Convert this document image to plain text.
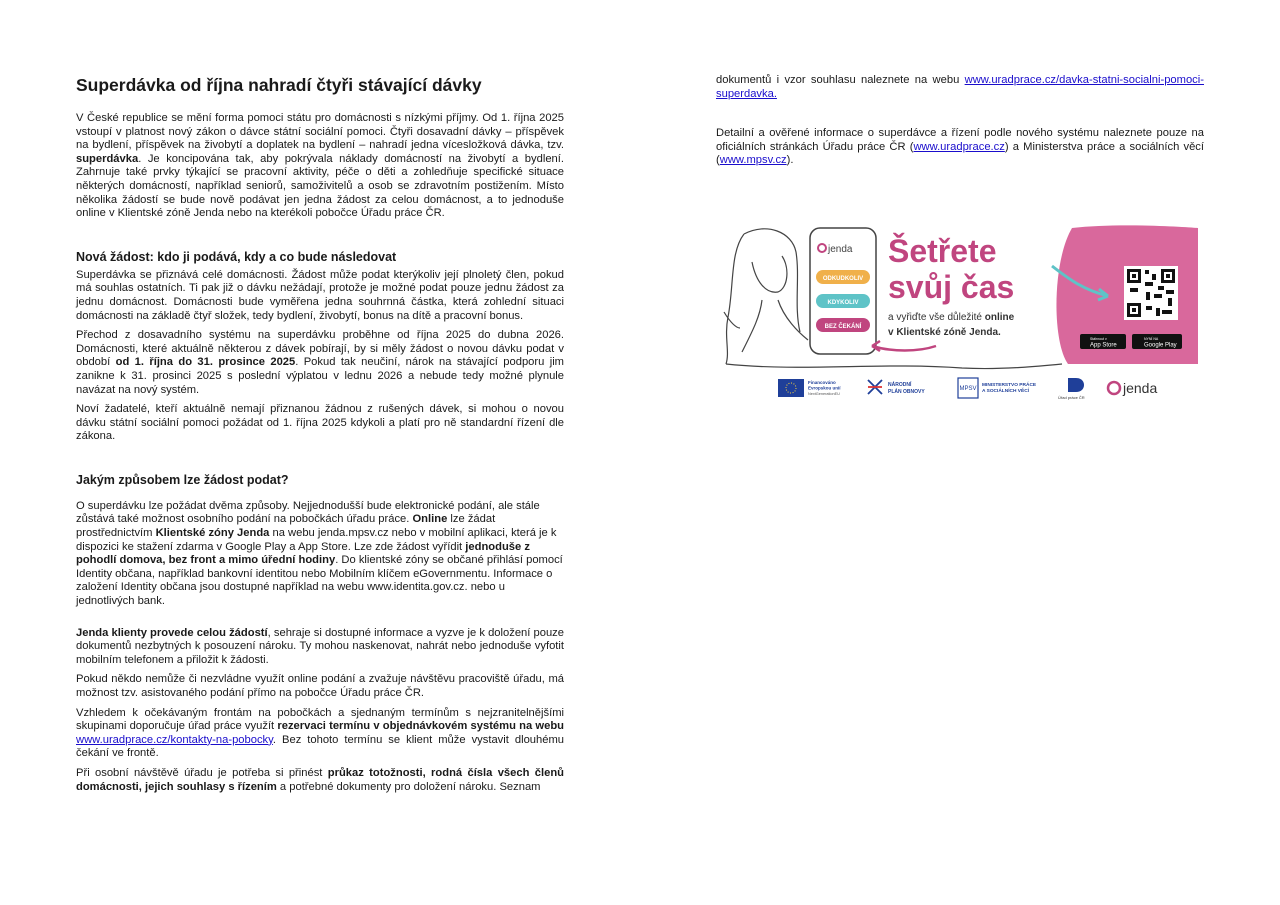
Superdávka od října nahradí čtyři stávající dávky

V České republice se mění forma pomoci státu pro domácnosti s nízkými příjmy. Od 1. října 2025 vstoupí v platnost nový zákon o dávce státní sociální pomoci. Čtyři dosavadní dávky – příspěvek na bydlení, příspěvek na živobytí a doplatek na bydlení – nahradí jedna vícesložková dávka, tzv. superdávka. Je koncipována tak, aby pokrývala náklady domácností na živobytí a bydlení. Zahrnuje také prvky týkající se pracovní aktivity, péče o děti a zohledňuje specifické situace některých domácností, například seniorů, samoživitelů a osob se zdravotním postižením. Místo několika žádostí se bude nově podávat jen jedna žádost za celou domácnost, a to jednoduše online v Klientské zóně Jenda nebo na kterékoli pobočce Úřadu práce ČR.

Nová žádost: kdo ji podává, kdy a co bude následovat

Superdávka se přiznává celé domácnosti. Žádost může podat kterýkoliv její plnoletý člen, pokud má souhlas ostatních. Ti pak již o dávku nežádají, protože je možné podat pouze jednu žádost za jednu domácnost. Domácnosti bude vyměřena jedna souhrnná částka, která zohlední situaci domácnosti na základě čtyř složek, tedy bydlení, živobytí, bonus na dítě a pracovní bonus.

Přechod z dosavadního systému na superdávku proběhne od října 2025 do dubna 2026. Domácnosti, které aktuálně některou z dávek pobírají, by si měly žádost o novou dávku podat v období od 1. října do 31. prosince 2025. Pokud tak neučiní, nárok na stávající podporu jim zanikne k 31. prosinci 2025 s poslední výplatou v lednu 2026 a nebude tedy možné plynule navázat na nový systém.

Noví žadatelé, kteří aktuálně nemají přiznanou žádnou z rušených dávek, si mohou o novou dávku státní sociální pomoci požádat od 1. října 2025 kdykoli a platí pro ně standardní řízení dle zákona.

Jakým způsobem lze žádost podat?

O superdávku lze požádat dvěma způsoby. Nejjednodušší bude elektronické podání, ale stále zůstává také možnost osobního podání na pobočkách úřadu práce. Online lze žádat prostřednictvím Klientské zóny Jenda na webu jenda.mpsv.cz nebo v mobilní aplikaci, která je k dispozici ke stažení zdarma v Google Play a App Store. Lze zde žádost vyřídit jednoduše z pohodlí domova, bez front a mimo úřední hodiny. Do klientské zóny se občané přihlásí pomocí Identity občana, například bankovní identitou nebo Mobilním klíčem eGovernmentu. Informace o založení Identity občana jsou dostupné například na webu www.identita.gov.cz. nebo u jednotlivých bank.

Jenda klienty provede celou žádostí, sehraje si dostupné informace a vyzve je k doložení pouze dokumentů nezbytných k posouzení nároku. Ty mohou naskenovat, nahrát nebo jednoduše vyfotit mobilním telefonem a přiložit k žádosti.

Pokud někdo nemůže či nezvládne využít online podání a zvažuje návštěvu pracoviště úřadu, má možnost tzv. asistovaného podání přímo na pobočce Úřadu práce ČR.

Vzhledem k očekávaným frontám na pobočkách a sjednaným termínům s nejzranitelnějšími skupinami doporučuje úřad práce využít rezervaci termínu v objednávkovém systému na webu www.uradprace.cz/kontakty-na-pobocky. Bez tohoto termínu se klient může vystavit dlouhému čekání ve frontě.

Při osobní návštěvě úřadu je potřeba si přinést průkaz totožnosti, rodná čísla všech členů domácnosti, jejich souhlasy s řízením a potřebné dokumenty pro doložení nároku. Seznam

dokumentů i vzor souhlasu naleznete na webu www.uradprace.cz/davka-statni-socialni-pomoci-superdavka.

Detailní a ověřené informace o superdávce a řízení podle nového systému naleznete pouze na oficiálních stránkách Úřadu práce ČR (www.uradprace.cz) a Ministerstva práce a sociálních věcí (www.mpsv.cz).

jenda
ODKUDKOLIV
KDYKOLIV
BEZ ČEKÁNÍ
Šetřete
svůj čas
a vyřiďte vše důležité online
v Klientské zóně Jenda.
Stáhnout v
App Store
NYNÍ NA
Google Play
Financováno
Evropskou unií
NextGenerationEU
NÁRODNÍ
PLÁN OBNOVY	MPSV
MINISTERSTVO PRÁCE
A SOCIÁLNÍCH VĚCÍ
Úřad práce ČR
jenda
